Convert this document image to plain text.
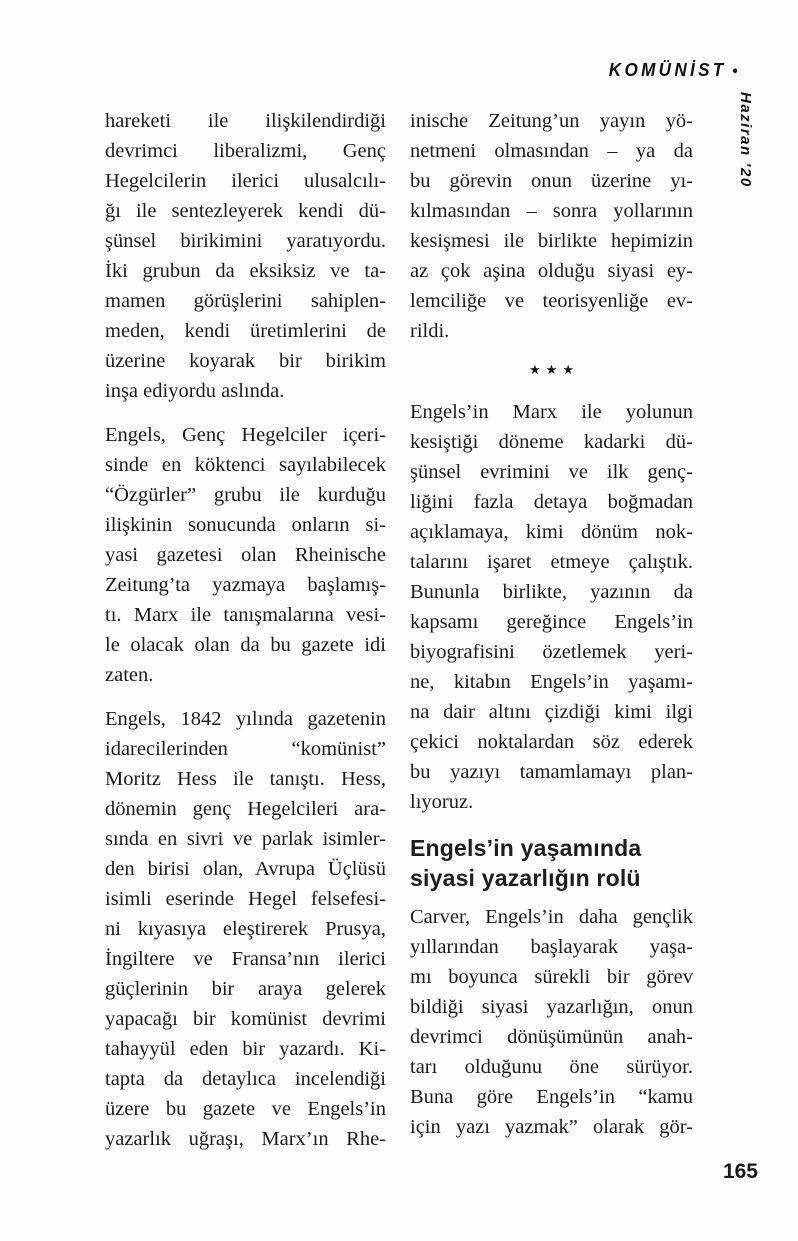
KOMÜNİST •
Haziran ’20
hareketi ile ilişkilendirdiği
devrimci liberalizmi, Genç
Hegelcilerin ilerici ulusalcılı-
ğı ile sentezleyerek kendi dü-
şünsel birikimini yaratıyordu.
İki grubun da eksiksiz ve ta-
mamen görüşlerini sahiplen-
meden, kendi üretimlerini de
üzerine koyarak bir birikim
inşa ediyordu aslında.
Engels, Genç Hegelciler içeri-
sinde en köktenci sayılabilecek
“Özgürler” grubu ile kurduğu
ilişkinin sonucunda onların si-
yasi gazetesi olan Rheinische
Zeitung’ta yazmaya başlamış-
tı. Marx ile tanışmalarına vesi-
le olacak olan da bu gazete idi
zaten.
Engels, 1842 yılında gazetenin
idarecilerinden “komünist”
Moritz Hess ile tanıştı. Hess,
dönemin genç Hegelcileri ara-
sında en sivri ve parlak isimler-
den birisi olan, Avrupa Üçlüsü
isimli eserinde Hegel felsefesi-
ni kıyasıya eleştirerek Prusya,
İngiltere ve Fransa’nın ilerici
güçlerinin bir araya gelerek
yapacağı bir komünist devrimi
tahayyül eden bir yazardı. Ki-
tapta da detaylıca incelendiği
üzere bu gazete ve Engels’in
yazarlık uğraşı, Marx’ın Rhe-
inische Zeitung’un yayın yö-
netmeni olmasından – ya da
bu görevin onun üzerine yı-
kılmasından – sonra yollarının
kesişmesi ile birlikte hepimizin
az çok aşina olduğu siyasi ey-
lemciliğe ve teorisyenliğe ev-
rildi.
★★★
Engels’in Marx ile yolunun
kesiştiği döneme kadarki dü-
şünsel evrimini ve ilk genç-
liğini fazla detaya boğmadan
açıklamaya, kimi dönüm nok-
talarını işaret etmeye çalıştık.
Bununla birlikte, yazının da
kapsamı gereğince Engels’in
biyografisini özetlemek yeri-
ne, kitabın Engels’in yaşamı-
na dair altını çizdiği kimi ilgi
çekici noktalardan söz ederek
bu yazıyı tamamlamayı plan-
lıyoruz.
Engels’in yaşamında
siyasi yazarlığın rolü
Carver, Engels’in daha gençlik
yıllarından başlayarak yaşa-
mı boyunca sürekli bir görev
bildiği siyasi yazarlığın, onun
devrimci dönüşümünün anah-
tarı olduğunu öne sürüyor.
Buna göre Engels’in “kamu
için yazı yazmak” olarak gör-
165
